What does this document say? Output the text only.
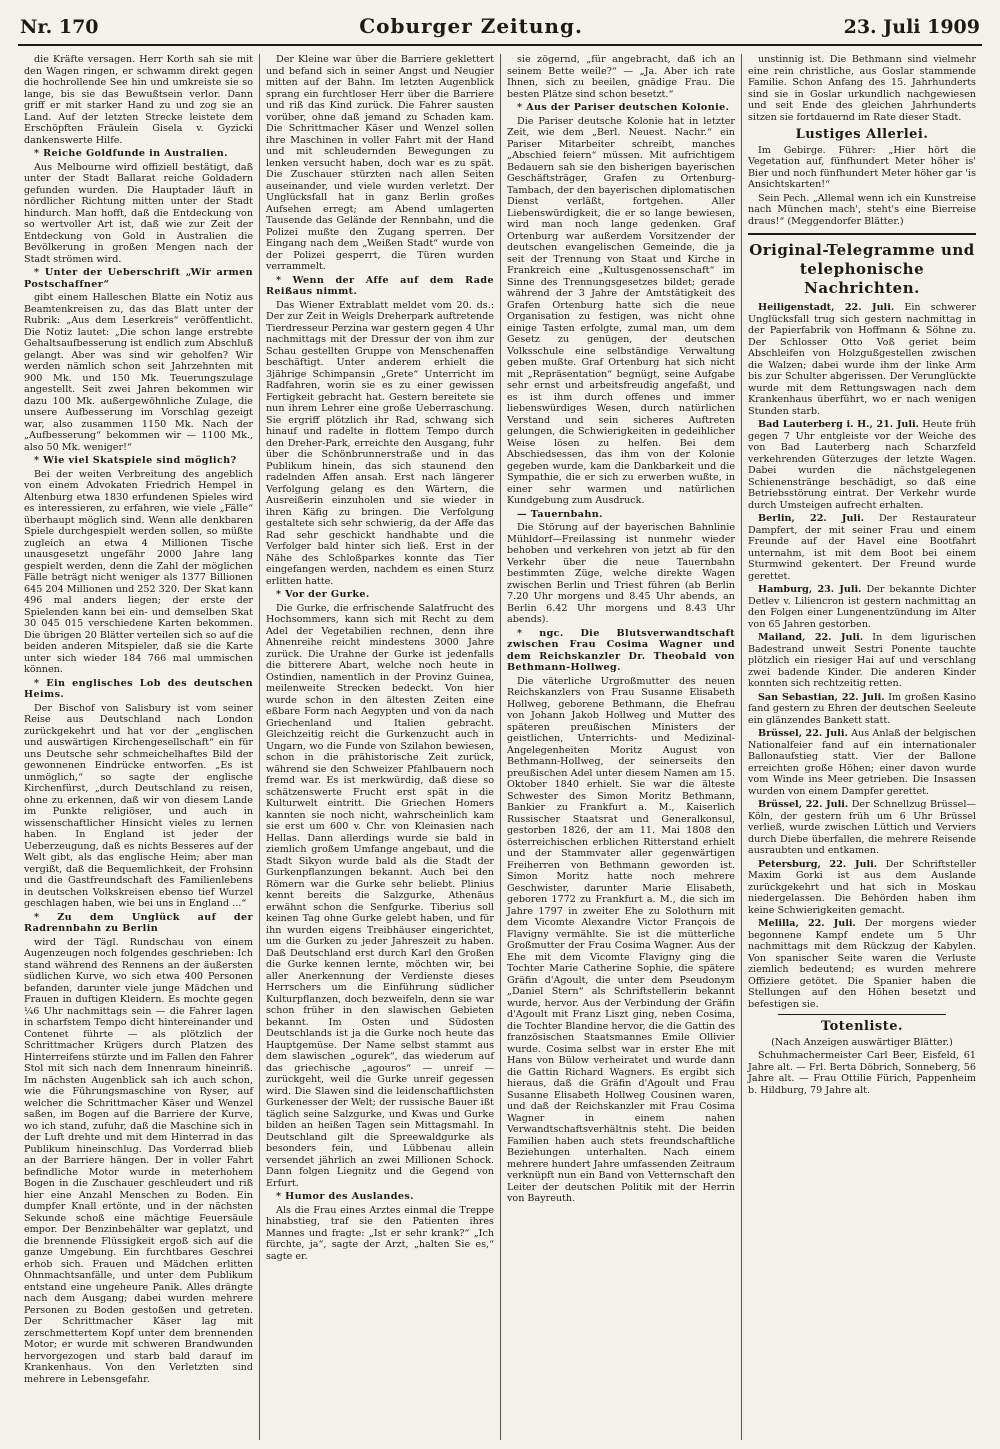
Nr. 170	Coburger Zeitung.	23. Juli 1909

die Kräfte versagen. Herr Korth sah sie mit den Wagen ringen, er schwamm direkt gegen die hochrollende See hin und umkreiste sie so lange, bis sie das Bewußtsein verlor. Dann griff er mit starker Hand zu und zog sie an Land. Auf der letzten Strecke leistete dem Erschöpften Fräulein Gisela v. Gyzicki dankenswerte Hilfe.

* Reiche Goldfunde in Australien.

Aus Melbourne wird offiziell bestätigt, daß unter der Stadt Ballarat reiche Goldadern gefunden wurden. Die Hauptader läuft in nördlicher Richtung mitten unter der Stadt hindurch. Man hofft, daß die Entdeckung von so wertvoller Art ist, daß wie zur Zeit der Entdeckung von Gold in Australien die Bevölkerung in großen Mengen nach der Stadt strömen wird.

* Unter der Ueberschrift „Wir armen Postschaffner“

gibt einem Halleschen Blatte ein Notiz aus Beamtenkreisen zu, das das Blatt unter der Rubrik: „Aus dem Leserkreis“ veröffentlicht. Die Notiz lautet: „Die schon lange erstrebte Gehaltsaufbesserung ist endlich zum Abschluß gelangt. Aber was sind wir geholfen? Wir werden nämlich schon seit Jahrzehnten mit 900 Mk. und 150 Mk. Teuerungszulage angestellt. Seit zwei Jahren bekommen wir dazu 100 Mk. außergewöhnliche Zulage, die unsere Aufbesserung im Vorschlag gezeigt war, also zusammen 1150 Mk. Nach der „Aufbesserung“ bekommen wir — 1100 Mk., also 50 Mk. weniger!“

* Wie viel Skatspiele sind möglich?

Bei der weiten Verbreitung des angeblich von einem Advokaten Friedrich Hempel in Altenburg etwa 1830 erfundenen Spieles wird es interessieren, zu erfahren, wie viele „Fälle“ überhaupt möglich sind. Wenn alle denkbaren Spiele durchgespielt werden sollen, so müßte zugleich an etwa 4 Millionen Tische unausgesetzt ungefähr 2000 Jahre lang gespielt werden, denn die Zahl der möglichen Fälle beträgt nicht weniger als 1377 Billionen 645 204 Millionen und 252 320. Der Skat kann 496 mal anders liegen; der erste der Spielenden kann bei ein- und demselben Skat 30 045 015 verschiedene Karten bekommen. Die übrigen 20 Blätter verteilen sich so auf die beiden anderen Mitspieler, daß sie die Karte unter sich wieder 184 766 mal ummischen können.

* Ein englisches Lob des deutschen Heims.

Der Bischof von Salisbury ist vom seiner Reise aus Deutschland nach London zurückgekehrt und hat vor der „englischen und auswärtigen Kirchengesellschaft“ ein für uns Deutsche sehr schmeichelhaftes Bild der gewonnenen Eindrücke entworfen. „Es ist unmöglich,“ so sagte der englische Kirchenfürst, „durch Deutschland zu reisen, ohne zu erkennen, daß wir von diesem Lande im Punkte religiöser, und auch in wissenschaftlicher Hinsicht vieles zu lernen haben. In England ist jeder der Ueberzeugung, daß es nichts Besseres auf der Welt gibt, als das englische Heim; aber man vergißt, daß die Bequemlichkeit, der Frohsinn und die Gastfreundschaft des Familienlebens in deutschen Volkskreisen ebenso tief Wurzel geschlagen haben, wie bei uns in England ...“

* Zu dem Unglück auf der Radrennbahn zu Berlin

wird der Tägl. Rundschau von einem Augenzeugen noch folgendes geschrieben: Ich stand während des Rennens an der äußersten südlichen Kurve, wo sich etwa 400 Personen befanden, darunter viele junge Mädchen und Frauen in duftigen Kleidern. Es mochte gegen ¼6 Uhr nachmittags sein — die Fahrer lagen in scharfstem Tempo dicht hintereinander und Contenet führte — als plötzlich der Schrittmacher Krügers durch Platzen des Hinterreifens stürzte und im Fallen den Fahrer Stol mit sich nach dem Innenraum hineinriß. Im nächsten Augenblick sah ich auch schon, wie die Führungsmaschine von Ryser, auf welcher die Schrittmacher Käser und Wenzel saßen, im Bogen auf die Barriere der Kurve, wo ich stand, zufuhr, daß die Maschine sich in der Luft drehte und mit dem Hinterrad in das Publikum hineinschlug. Das Vorderrad blieb an der Barriere hängen. Der in voller Fahrt befindliche Motor wurde in meterhohem Bogen in die Zuschauer geschleudert und riß hier eine Anzahl Menschen zu Boden. Ein dumpfer Knall ertönte, und in der nächsten Sekunde schoß eine mächtige Feuersäule empor. Der Benzinbehälter war geplatzt, und die brennende Flüssigkeit ergoß sich auf die ganze Umgebung. Ein furchtbares Geschrei erhob sich. Frauen und Mädchen erlitten Ohnmachtsanfälle, und unter dem Publikum entstand eine ungeheure Panik. Alles drängte nach dem Ausgang; dabei wurden mehrere Personen zu Boden gestoßen und getreten. Der Schrittmacher Käser lag mit zerschmettertem Kopf unter dem brennenden Motor; er wurde mit schweren Brandwunden hervorgezogen und starb bald darauf im Krankenhaus. Von den Verletzten sind mehrere in Lebensgefahr.

Der Kleine war über die Barriere geklettert und befand sich in seiner Angst und Neugier mitten auf der Bahn. Im letzten Augenblick sprang ein furchtloser Herr über die Barriere und riß das Kind zurück. Die Fahrer sausten vorüber, ohne daß jemand zu Schaden kam. Die Schrittmacher Käser und Wenzel sollen ihre Maschinen in voller Fahrt mit der Hand und mit schleudernden Bewegungen zu lenken versucht haben, doch war es zu spät. Die Zuschauer stürzten nach allen Seiten auseinander, und viele wurden verletzt. Der Unglücksfall hat in ganz Berlin großes Aufsehen erregt; am Abend umlagerten Tausende das Gelände der Rennbahn, und die Polizei mußte den Zugang sperren. Der Eingang nach dem „Weißen Stadt“ wurde von der Polizei gesperrt, die Türen wurden verrammelt.

* Wenn der Affe auf dem Rade Reißaus nimmt.

Das Wiener Extrablatt meldet vom 20. ds.: Der zur Zeit in Weigls Dreherpark auftretende Tierdresseur Perzina war gestern gegen 4 Uhr nachmittags mit der Dressur der von ihm zur Schau gestellten Gruppe von Menschenaffen beschäftigt. Unter anderem erhielt die 3jährige Schimpansin „Grete“ Unterricht im Radfahren, worin sie es zu einer gewissen Fertigkeit gebracht hat. Gestern bereitete sie nun ihrem Lehrer eine große Ueberraschung. Sie ergriff plötzlich ihr Rad, schwang sich hinauf und radelte in flottem Tempo durch den Dreher-Park, erreichte den Ausgang, fuhr über die Schönbrunnerstraße und in das Publikum hinein, das sich staunend den radelnden Affen ansah. Erst nach längerer Verfolgung gelang es den Wärtern, die Ausreißerin einzuholen und sie wieder in ihren Käfig zu bringen. Die Verfolgung gestaltete sich sehr schwierig, da der Affe das Rad sehr geschickt handhabte und die Verfolger bald hinter sich ließ. Erst in der Nähe des Schloßparkes konnte das Tier eingefangen werden, nachdem es einen Sturz erlitten hatte.

* Vor der Gurke.

Die Gurke, die erfrischende Salatfrucht des Hochsommers, kann sich mit Recht zu dem Adel der Vegetabilien rechnen, denn ihre Ahnenreihe reicht mindestens 3000 Jahre zurück. Die Urahne der Gurke ist jedenfalls die bitterere Abart, welche noch heute in Ostindien, namentlich in der Provinz Guinea, meilenweite Strecken bedeckt. Von hier wurde schon in den ältesten Zeiten eine eßbare Form nach Aegypten und von da nach Griechenland und Italien gebracht. Gleichzeitig reicht die Gurkenzucht auch in Ungarn, wo die Funde von Szilahon bewiesen, schon in die prähistorische Zeit zurück, während sie den Schweizer Pfahlbauern noch fremd war. Es ist merkwürdig, daß diese so schätzenswerte Frucht erst spät in die Kulturwelt eintritt. Die Griechen Homers kannten sie noch nicht, wahrscheinlich kam sie erst um 600 v. Chr. von Kleinasien nach Hellas. Dann allerdings wurde sie bald in ziemlich großem Umfange angebaut, und die Stadt Sikyon wurde bald als die Stadt der Gurkenpflanzungen bekannt. Auch bei den Römern war die Gurke sehr beliebt. Plinius kennt bereits die Salzgurke, Athenäus erwähnt schon die Senfgurke. Tiberius soll keinen Tag ohne Gurke gelebt haben, und für ihn wurden eigens Treibhäuser eingerichtet, um die Gurken zu jeder Jahreszeit zu haben. Daß Deutschland erst durch Karl den Großen die Gurke kennen lernte, möchten wir, bei aller Anerkennung der Verdienste dieses Herrschers um die Einführung südlicher Kulturpflanzen, doch bezweifeln, denn sie war schon früher in den slawischen Gebieten bekannt. Im Osten und Südosten Deutschlands ist ja die Gurke noch heute das Hauptgemüse. Der Name selbst stammt aus dem slawischen „ogurek“, das wiederum auf das griechische „agouros“ — unreif — zurückgeht, weil die Gurke unreif gegessen wird. Die Slawen sind die leidenschaftlichsten Gurkenesser der Welt; der russische Bauer ißt täglich seine Salzgurke, und Kwas und Gurke bilden an heißen Tagen sein Mittagsmahl. In Deutschland gilt die Spreewaldgurke als besonders fein, und Lübbenau allein versendet jährlich an zwei Millionen Schock. Dann folgen Liegnitz und die Gegend von Erfurt.

* Humor des Auslandes.

Als die Frau eines Arztes einmal die Treppe hinabstieg, traf sie den Patienten ihres Mannes und fragte: „Ist er sehr krank?“ „Ich fürchte, ja“, sagte der Arzt, „halten Sie es,“ sagte er.

sie zögernd, „für angebracht, daß ich an seinem Bette weile?“ — „Ja. Aber ich rate Ihnen, sich zu beeilen, gnädige Frau. Die besten Plätze sind schon besetzt.“

* Aus der Pariser deutschen Kolonie.

Die Pariser deutsche Kolonie hat in letzter Zeit, wie dem „Berl. Neuest. Nachr.“ ein Pariser Mitarbeiter schreibt, manches „Abschied feiern“ müssen. Mit aufrichtigem Bedauern sah sie den bisherigen bayerischen Geschäftsträger, Grafen zu Ortenburg-Tambach, der den bayerischen diplomatischen Dienst verläßt, fortgehen. Aller Liebenswürdigkeit, die er so lange bewiesen, wird man noch lange gedenken. Graf Ortenburg war außerdem Vorsitzender der deutschen evangelischen Gemeinde, die ja seit der Trennung von Staat und Kirche in Frankreich eine „Kultusgenossenschaft“ im Sinne des Trennungsgesetzes bildet; gerade während der 3 Jahre der Amtstätigkeit des Grafen Ortenburg hatte sich die neue Organisation zu festigen, was nicht ohne einige Tasten erfolgte, zumal man, um dem Gesetz zu genügen, der deutschen Volksschule eine selbständige Verwaltung geben mußte. Graf Ortenburg hat sich nicht mit „Repräsentation“ begnügt, seine Aufgabe sehr ernst und arbeitsfreudig angefaßt, und es ist ihm durch offenes und immer liebenswürdiges Wesen, durch natürlichen Verstand und sein sicheres Auftreten gelungen, die Schwierigkeiten in gedeihlicher Weise lösen zu helfen. Bei dem Abschiedsessen, das ihm von der Kolonie gegeben wurde, kam die Dankbarkeit und die Sympathie, die er sich zu erwerben wußte, in einer sehr warmen und natürlichen Kundgebung zum Ausdruck.

— Tauernbahn.

Die Störung auf der bayerischen Bahnlinie Mühldorf—Freilassing ist nunmehr wieder behoben und verkehren von jetzt ab für den Verkehr über die neue Tauernbahn bestimmten Züge, welche direkte Wagen zwischen Berlin und Triest führen (ab Berlin 7.20 Uhr morgens und 8.45 Uhr abends, an Berlin 6.42 Uhr morgens und 8.43 Uhr abends).

* ngc. Die Blutsverwandtschaft zwischen Frau Cosima Wagner und dem Reichskanzler Dr. Theobald von Bethmann-Hollweg.

Die väterliche Urgroßmutter des neuen Reichskanzlers von Frau Susanne Elisabeth Hollweg, geborene Bethmann, die Ehefrau von Johann Jakob Hollweg und Mutter des späteren preußischen Ministers der geistlichen, Unterrichts- und Medizinal-Angelegenheiten Moritz August von Bethmann-Hollweg, der seinerseits den preußischen Adel unter diesem Namen am 15. Oktober 1840 erhielt. Sie war die älteste Schwester des Simon Moritz Bethmann, Bankier zu Frankfurt a. M., Kaiserlich Russischer Staatsrat und Generalkonsul, gestorben 1826, der am 11. Mai 1808 den österreichischen erblichen Ritterstand erhielt und der Stammvater aller gegenwärtigen Freiherren von Bethmann geworden ist. Simon Moritz hatte noch mehrere Geschwister, darunter Marie Elisabeth, geboren 1772 zu Frankfurt a. M., die sich im Jahre 1797 in zweiter Ehe zu Solothurn mit dem Vicomte Alexandre Victor François de Flavigny vermählte. Sie ist die mütterliche Großmutter der Frau Cosima Wagner. Aus der Ehe mit dem Vicomte Flavigny ging die Tochter Marie Catherine Sophie, die spätere Gräfin d'Agoult, die unter dem Pseudonym „Daniel Stern“ als Schriftstellerin bekannt wurde, hervor. Aus der Verbindung der Gräfin d'Agoult mit Franz Liszt ging, neben Cosima, die Tochter Blandine hervor, die die Gattin des französischen Staatsmannes Emile Ollivier wurde. Cosima selbst war in erster Ehe mit Hans von Bülow verheiratet und wurde dann die Gattin Richard Wagners. Es ergibt sich hieraus, daß die Gräfin d'Agoult und Frau Susanne Elisabeth Hollweg Cousinen waren, und daß der Reichskanzler mit Frau Cosima Wagner in einem nahen Verwandtschaftsverhältnis steht. Die beiden Familien haben auch stets freundschaftliche Beziehungen unterhalten. Nach einem mehrere hundert Jahre umfassenden Zeitraum verknüpft nun ein Band von Vetternschaft den Leiter der deutschen Politik mit der Herrin von Bayreuth.

unstinnig ist. Die Bethmann sind vielmehr eine rein christliche, aus Goslar stammende Familie. Schon Anfang des 15. Jahrhunderts sind sie in Goslar urkundlich nachgewiesen und seit Ende des gleichen Jahrhunderts sitzen sie fortdauernd im Rate dieser Stadt.

Lustiges Allerlei.

Im Gebirge. Führer: „Hier hört die Vegetation auf, fünfhundert Meter höher is' Bier und noch fünfhundert Meter höher gar 'is Ansichtskarten!“

Sein Pech. „Allemal wenn ich ein Kunstreise nach München mach', steht's eine Bierreise draus!“ (Meggendorfer Blätter.)

Original-Telegramme und telephonische Nachrichten.

Heiligenstadt, 22. Juli. Ein schwerer Unglücksfall trug sich gestern nachmittag in der Papierfabrik von Hoffmann & Söhne zu. Der Schlosser Otto Voß geriet beim Abschleifen von Holzgußgestellen zwischen die Walzen; dabei wurde ihm der linke Arm bis zur Schulter abgerissen. Der Verunglückte wurde mit dem Rettungswagen nach dem Krankenhaus überführt, wo er nach wenigen Stunden starb.

Bad Lauterberg i. H., 21. Juli. Heute früh gegen 7 Uhr entgleiste vor der Weiche des von Bad Lauterberg nach Scharzfeld verkehrenden Güterzuges der letzte Wagen. Dabei wurden die nächstgelegenen Schienenstränge beschädigt, so daß eine Betriebsstörung eintrat. Der Verkehr wurde durch Umsteigen aufrecht erhalten.

Berlin, 22. Juli. Der Restaurateur Dampfert, der mit seiner Frau und einem Freunde auf der Havel eine Bootfahrt unternahm, ist mit dem Boot bei einem Sturmwind gekentert. Der Freund wurde gerettet.

Hamburg, 23. Juli. Der bekannte Dichter Detlev v. Liliencron ist gestern nachmittag an den Folgen einer Lungenentzündung im Alter von 65 Jahren gestorben.

Mailand, 22. Juli. In dem ligurischen Badestrand unweit Sestri Ponente tauchte plötzlich ein riesiger Hai auf und verschlang zwei badende Kinder. Die anderen Kinder konnten sich rechtzeitig retten.

San Sebastian, 22. Juli. Im großen Kasino fand gestern zu Ehren der deutschen Seeleute ein glänzendes Bankett statt.

Brüssel, 22. Juli. Aus Anlaß der belgischen Nationalfeier fand auf ein internationaler Ballonaufstieg statt. Vier der Ballone erreichten große Höhen; einer davon wurde vom Winde ins Meer getrieben. Die Insassen wurden von einem Dampfer gerettet.

Brüssel, 22. Juli. Der Schnellzug Brüssel—Köln, der gestern früh um 6 Uhr Brüssel verließ, wurde zwischen Lüttich und Verviers durch Diebe überfallen, die mehrere Reisende ausraubten und entkamen.

Petersburg, 22. Juli. Der Schriftsteller Maxim Gorki ist aus dem Auslande zurückgekehrt und hat sich in Moskau niedergelassen. Die Behörden haben ihm keine Schwierigkeiten gemacht.

Melilla, 22. Juli. Der morgens wieder begonnene Kampf endete um 5 Uhr nachmittags mit dem Rückzug der Kabylen. Von spanischer Seite waren die Verluste ziemlich bedeutend; es wurden mehrere Offiziere getötet. Die Spanier haben die Stellungen auf den Höhen besetzt und befestigen sie.

Totenliste.

(Nach Anzeigen auswärtiger Blätter.)

Schuhmachermeister Carl Beer, Eisfeld, 61 Jahre alt. — Frl. Berta Döbrich, Sonneberg, 56 Jahre alt. — Frau Ottilie Fürich, Pappenheim b. Hildburg, 79 Jahre alt.
